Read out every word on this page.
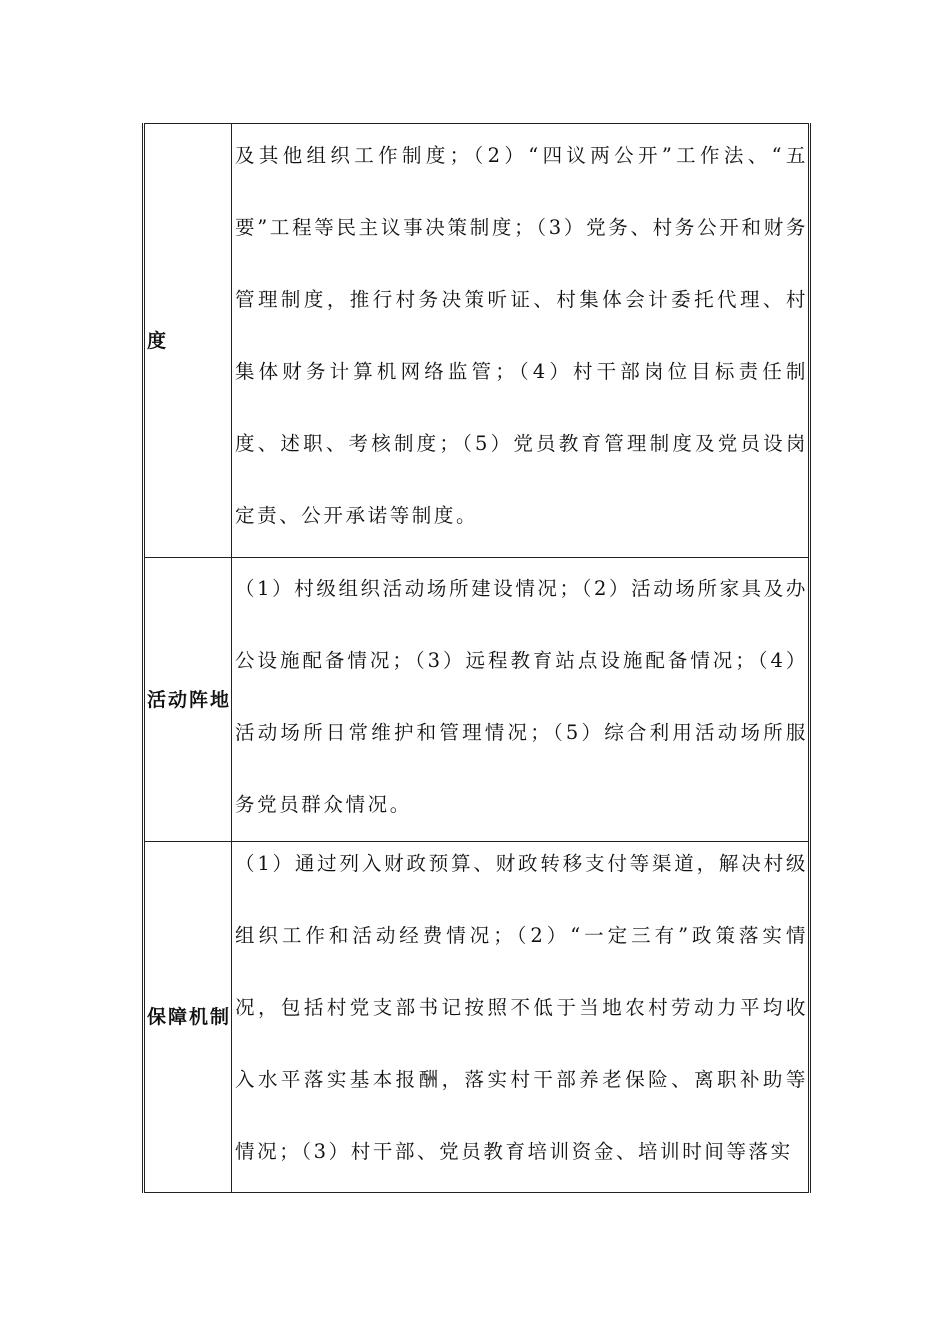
度	及其他组织工作制度；（2）“四议两公开”工作法、“五要”工程等民主议事决策制度；（3）党务、村务公开和财务管理制度，推行村务决策听证、村集体会计委托代理、村集体财务计算机网络监管；（4）村干部岗位目标责任制度、述职、考核制度；（5）党员教育管理制度及党员设岗定责、公开承诺等制度。

活动阵地	（1）村级组织活动场所建设情况；（2）活动场所家具及办公设施配备情况；（3）远程教育站点设施配备情况；（4）活动场所日常维护和管理情况；（5）综合利用活动场所服务党员群众情况。

保障机制	（1）通过列入财政预算、财政转移支付等渠道，解决村级组织工作和活动经费情况；（2）“一定三有”政策落实情况，包括村党支部书记按照不低于当地农村劳动力平均收入水平落实基本报酬，落实村干部养老保险、离职补助等情况；（3）村干部、党员教育培训资金、培训时间等落实
